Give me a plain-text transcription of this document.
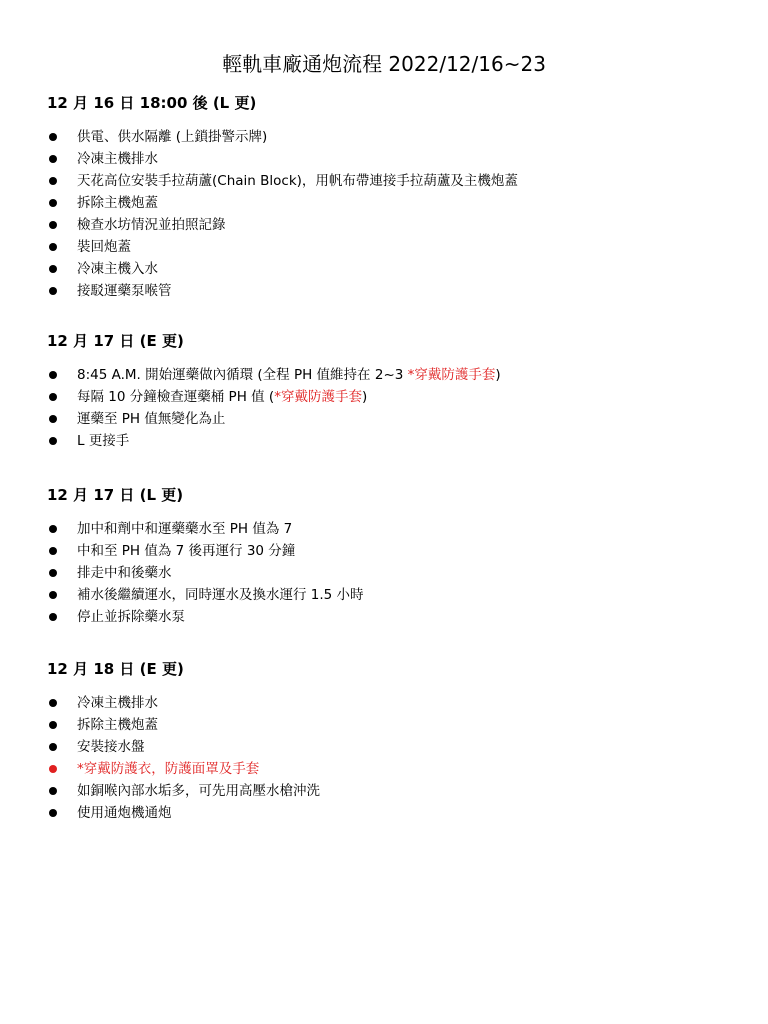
輕軌車廠通炮流程 2022/12/16~23
12 月 16 日 18:00 後 (L 更)
供電、供水隔離 (上鎖掛警示牌)
冷凍主機排水
天花高位安裝手拉葫蘆(Chain Block)，用帆布帶連接手拉葫蘆及主機炮蓋
拆除主機炮蓋
檢查水坊情況並拍照記錄
裝回炮蓋
冷凍主機入水
接駁運藥泵喉管
12 月 17 日 (E 更)
8:45 A.M. 開始運藥做內循環 (全程 PH 值維持在 2~3 *穿戴防護手套)
每隔 10 分鐘檢查運藥桶 PH 值 (*穿戴防護手套)
運藥至 PH 值無變化為止
L 更接手
12 月 17 日 (L 更)
加中和劑中和運藥藥水至 PH 值為 7
中和至 PH 值為 7 後再運行 30 分鐘
排走中和後藥水
補水後繼續運水，同時運水及換水運行 1.5 小時
停止並拆除藥水泵
12 月 18 日 (E 更)
冷凍主機排水
拆除主機炮蓋
安裝接水盤
*穿戴防護衣，防護面罩及手套
如銅喉內部水垢多，可先用高壓水槍沖洗
使用通炮機通炮
